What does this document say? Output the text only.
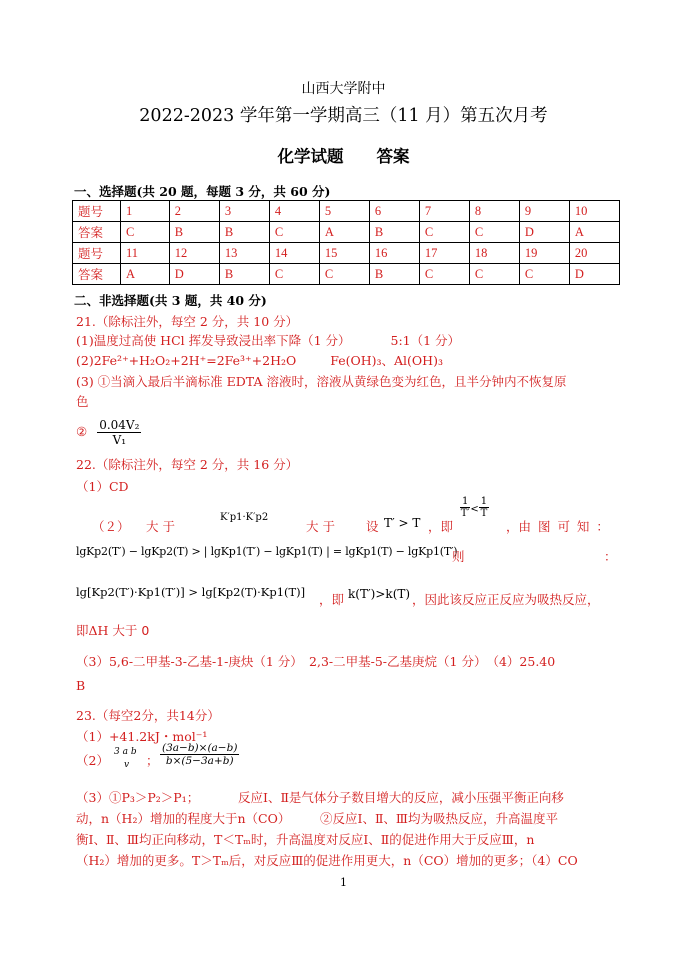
山西大学附中
2022-2023 学年第一学期高三（11 月）第五次月考
化学试题　　答案
一、选择题(共 20 题，每题 3 分，共 60 分)
题号	1	2	3	4	5	6	7	8	9	10
答案	C	B	B	C	A	B	C	C	D	A
题号	11	12	13	14	15	16	17	18	19	20
答案	A	D	B	C	C	B	C	C	C	D
二、非选择题(共 3 题，共 40 分)
21.（除标注外，每空 2 分，共 10 分）
(1)温度过高使 HCl 挥发导致浸出率下降（1 分）	5:1（1 分）
(2)2Fe²⁺+H₂O₂+2H⁺=2Fe³⁺+2H₂O	Fe(OH)₃、Al(OH)₃
(3) ①当滴入最后半滴标准 EDTA 溶液时，溶液从黄绿色变为红色，且半分钟内不恢复原
色
② $\frac{\text{0.04V₂}}{\text{V₁}}$
22.（除标注外，每空 2 分，共 16 分）
（1）CD
（２） 大 于
K′p1·K′p2
大 于 设 T′ > T ，即
$\frac{1}{T'} < \frac{1}{T}$
，由 图 可 知 ：
lgKp2(T′) − lgKp2(T) > | lgKp1(T′) − lgKp1(T) | = lgKp1(T) − lgKp1(T′)
则	：
lg[Kp2(T′)·Kp1(T′)] > lg[Kp2(T)·Kp1(T)] ，即 k(T′)>k(T) ，因此该反应正反应为吸热反应，
即ΔH 大于 0
（3）5,6-二甲基-3-乙基-1-庚炔（1 分）　2,3-二甲基-5-乙基庚烷（1 分）　（4）25.40
B
23.（每空2分，共14分）
（1）+41.2kJ・mol⁻¹
（2）
3 a b
v ； $\frac{(3a-b)\times(a-b)}{b\times(5-3a+b)}$
（3）①P₃＞P₂＞P₁；	反应Ⅰ、Ⅱ是气体分子数目增大的反应，减小压强平衡正向移
动，n（H₂）增加的程度大于n（CO） ②反应Ⅰ、Ⅱ、Ⅲ均为吸热反应，升高温度平
衡Ⅰ、Ⅱ、Ⅲ均正向移动，T＜Tₘ时，升高温度对反应Ⅰ、Ⅱ的促进作用大于反应Ⅲ，n
（H₂）增加的更多。T＞Tₘ后，对反应Ⅲ的促进作用更大，n（CO）增加的更多；（4）CO
1
